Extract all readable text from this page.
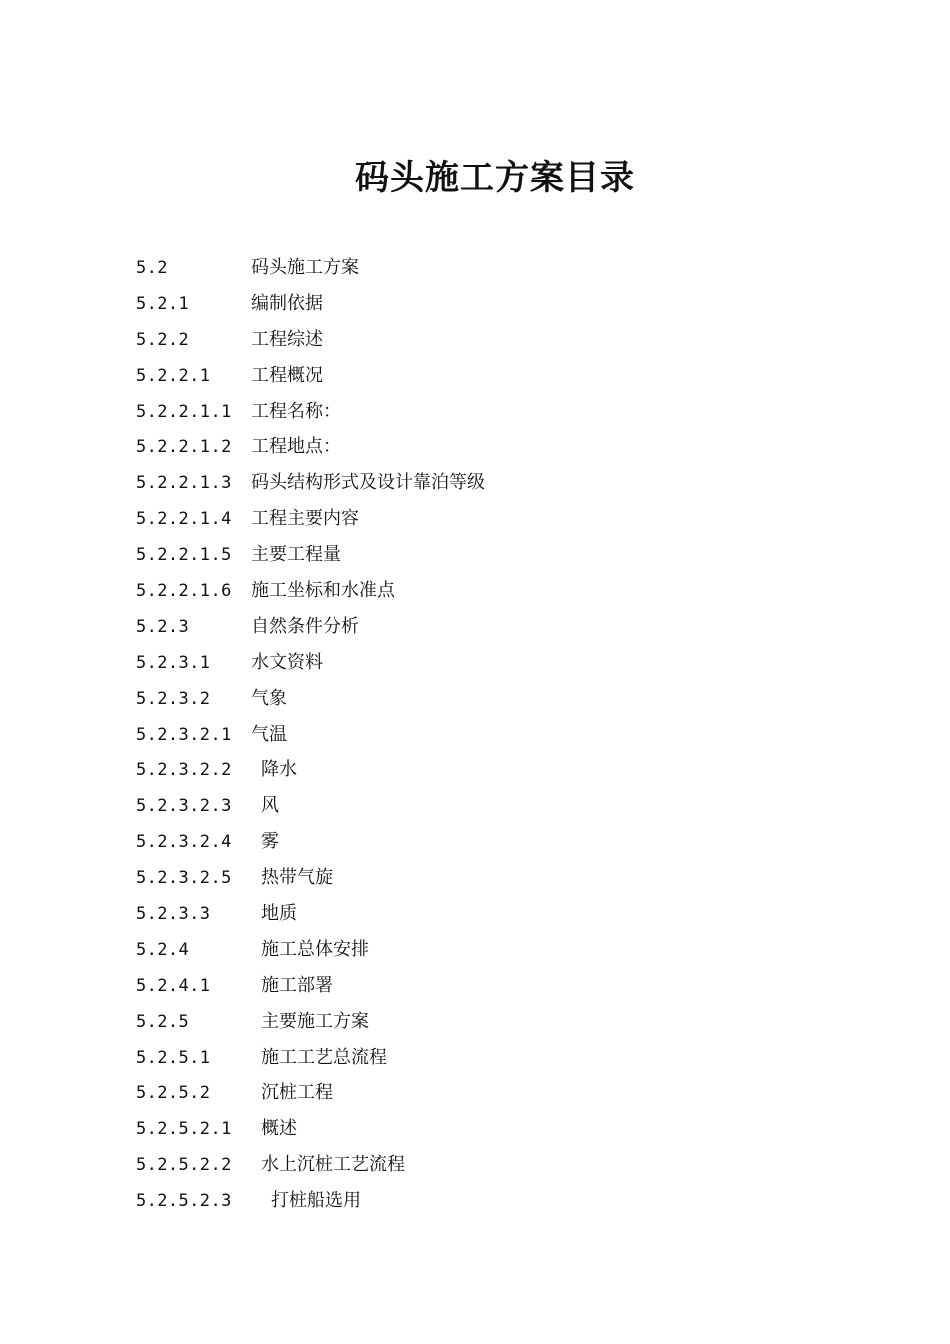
码头施工方案目录
5.2	码头施工方案
5.2.1	编制依据
5.2.2	工程综述
5.2.2.1 工程概况
5.2.2.1.1 工程名称：
5.2.2.1.2 工程地点：
5.2.2.1.3 码头结构形式及设计靠泊等级
5.2.2.1.4 工程主要内容
5.2.2.1.5 主要工程量
5.2.2.1.6 施工坐标和水准点
5.2.3	自然条件分析
5.2.3.1 水文资料
5.2.3.2 气象
5.2.3.2.1 气温
5.2.3.2.2 降水
5.2.3.2.3 风
5.2.3.2.4 雾
5.2.3.2.5 热带气旋
5.2.3.3	地质
5.2.4	施工总体安排
5.2.4.1	施工部署
5.2.5	主要施工方案
5.2.5.1	施工工艺总流程
5.2.5.2	沉桩工程
5.2.5.2.1 概述
5.2.5.2.2 水上沉桩工艺流程
5.2.5.2.3 打桩船选用
